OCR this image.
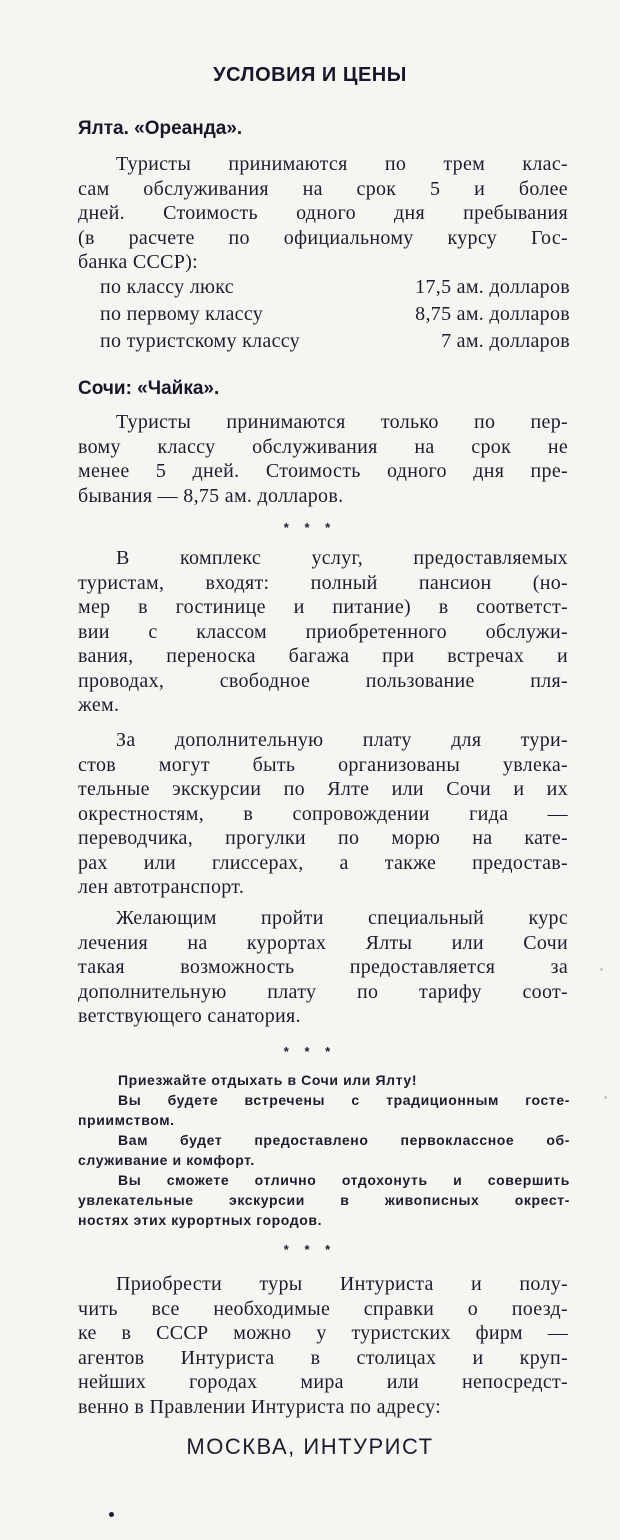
УСЛОВИЯ И ЦЕНЫ
Ялта. «Ореанда».
Туристы принимаются по трем клас-
сам обслуживания на срок 5 и более
дней. Стоимость одного дня пребывания
(в расчете по официальному курсу Гос-
банка СССР):
по классу люкс	17,5 ам. долларов
по первому классу	8,75 ам. долларов
по туристскому классу	7 ам. долларов
Сочи: «Чайка».
Туристы принимаются только по пер-
вому классу обслуживания на срок не
менее 5 дней. Стоимость одного дня пре-
бывания — 8,75 ам. долларов.
* * *
В комплекс услуг, предоставляемых
туристам, входят: полный пансион (но-
мер в гостинице и питание) в соответст-
вии с классом приобретенного обслужи-
вания, переноска багажа при встречах и
проводах, свободное пользование пля-
жем.
За дополнительную плату для тури-
стов могут быть организованы увлека-
тельные экскурсии по Ялте или Сочи и их
окрестностям, в сопровождении гида —
переводчика, прогулки по морю на кате-
рах или глиссерах, а также предостав-
лен автотранспорт.
Желающим пройти специальный курс
лечения на курортах Ялты или Сочи
такая возможность предоставляется за
дополнительную плату по тарифу соот-
ветствующего санатория.
* * *
Приезжайте отдыхать в Сочи или Ялту!
Вы будете встречены с традиционным госте-
приимством.
Вам будет предоставлено первоклассное об-
служивание и комфорт.
Вы сможете отлично отдохонуть и совершить
увлекательные экскурсии в живописных окрест-
ностях этих курортных городов.
* * *
Приобрести туры Интуриста и полу-
чить все необходимые справки о поезд-
ке в СССР можно у туристских фирм —
агентов Интуриста в столицах и круп-
нейших городах мира или непосредст-
венно в Правлении Интуриста по адресу:
МОСКВА, ИНТУРИСТ
